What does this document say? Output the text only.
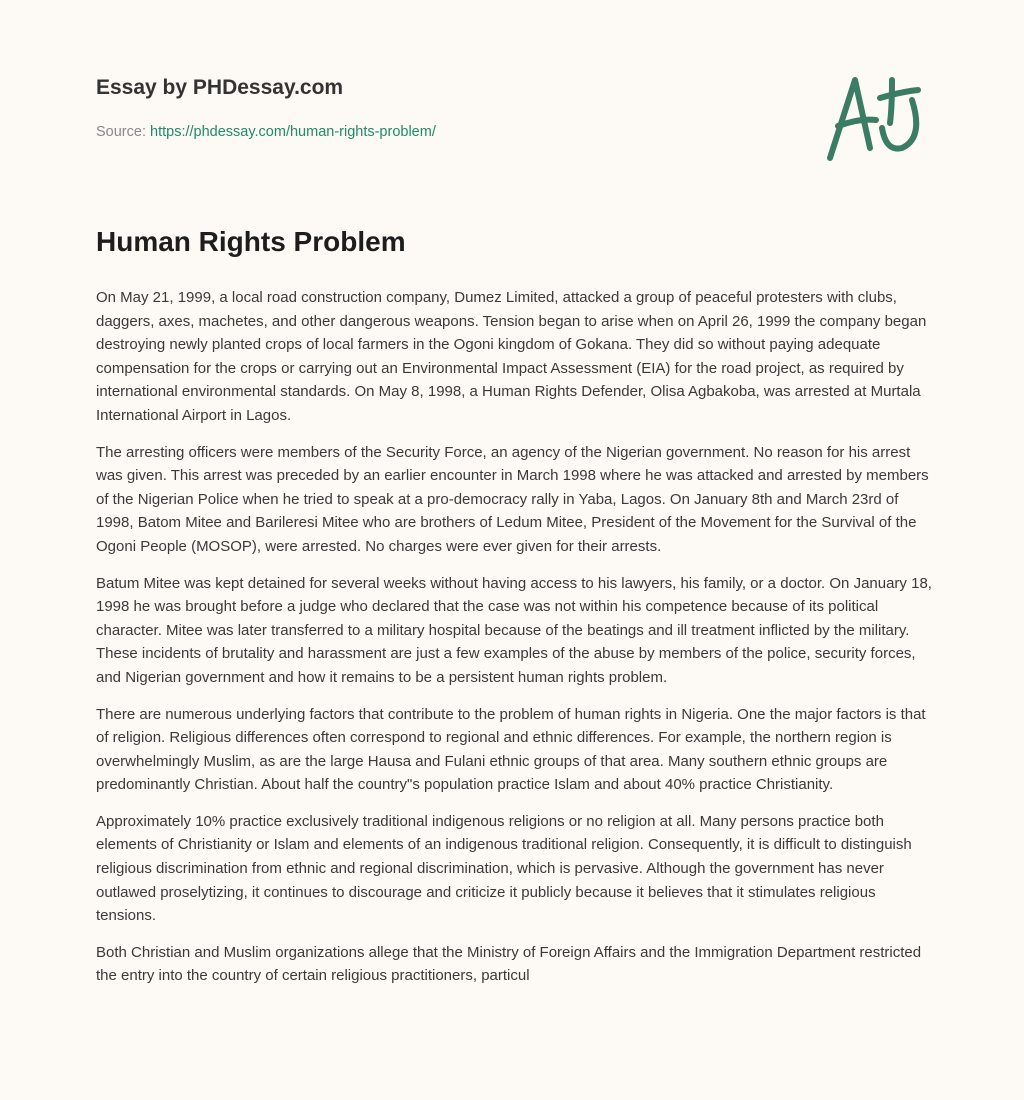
Essay by PHDessay.com
Source: https://phdessay.com/human-rights-problem/
Human Rights Problem

On May 21, 1999, a local road construction company, Dumez Limited, attacked a group of peaceful protesters with clubs, daggers, axes, machetes, and other dangerous weapons. Tension began to arise when on April 26, 1999 the company began destroying newly planted crops of local farmers in the Ogoni kingdom of Gokana. They did so without paying adequate compensation for the crops or carrying out an Environmental Impact Assessment (EIA) for the road project, as required by international environmental standards. On May 8, 1998, a Human Rights Defender, Olisa Agbakoba, was arrested at Murtala International Airport in Lagos.

The arresting officers were members of the Security Force, an agency of the Nigerian government. No reason for his arrest was given. This arrest was preceded by an earlier encounter in March 1998 where he was attacked and arrested by members of the Nigerian Police when he tried to speak at a pro-democracy rally in Yaba, Lagos. On January 8th and March 23rd of 1998, Batom Mitee and Barileresi Mitee who are brothers of Ledum Mitee, President of the Movement for the Survival of the Ogoni People (MOSOP), were arrested. No charges were ever given for their arrests.

Batum Mitee was kept detained for several weeks without having access to his lawyers, his family, or a doctor. On January 18, 1998 he was brought before a judge who declared that the case was not within his competence because of its political character. Mitee was later transferred to a military hospital because of the beatings and ill treatment inflicted by the military. These incidents of brutality and harassment are just a few examples of the abuse by members of the police, security forces, and Nigerian government and how it remains to be a persistent human rights problem.

There are numerous underlying factors that contribute to the problem of human rights in Nigeria. One the major factors is that of religion. Religious differences often correspond to regional and ethnic differences. For example, the northern region is overwhelmingly Muslim, as are the large Hausa and Fulani ethnic groups of that area. Many southern ethnic groups are predominantly Christian. About half the country"s population practice Islam and about 40% practice Christianity.

Approximately 10% practice exclusively traditional indigenous religions or no religion at all. Many persons practice both elements of Christianity or Islam and elements of an indigenous traditional religion. Consequently, it is difficult to distinguish religious discrimination from ethnic and regional discrimination, which is pervasive. Although the government has never outlawed proselytizing, it continues to discourage and criticize it publicly because it believes that it stimulates religious tensions.

Both Christian and Muslim organizations allege that the Ministry of Foreign Affairs and the Immigration Department restricted the entry into the country of certain religious practitioners, particul
